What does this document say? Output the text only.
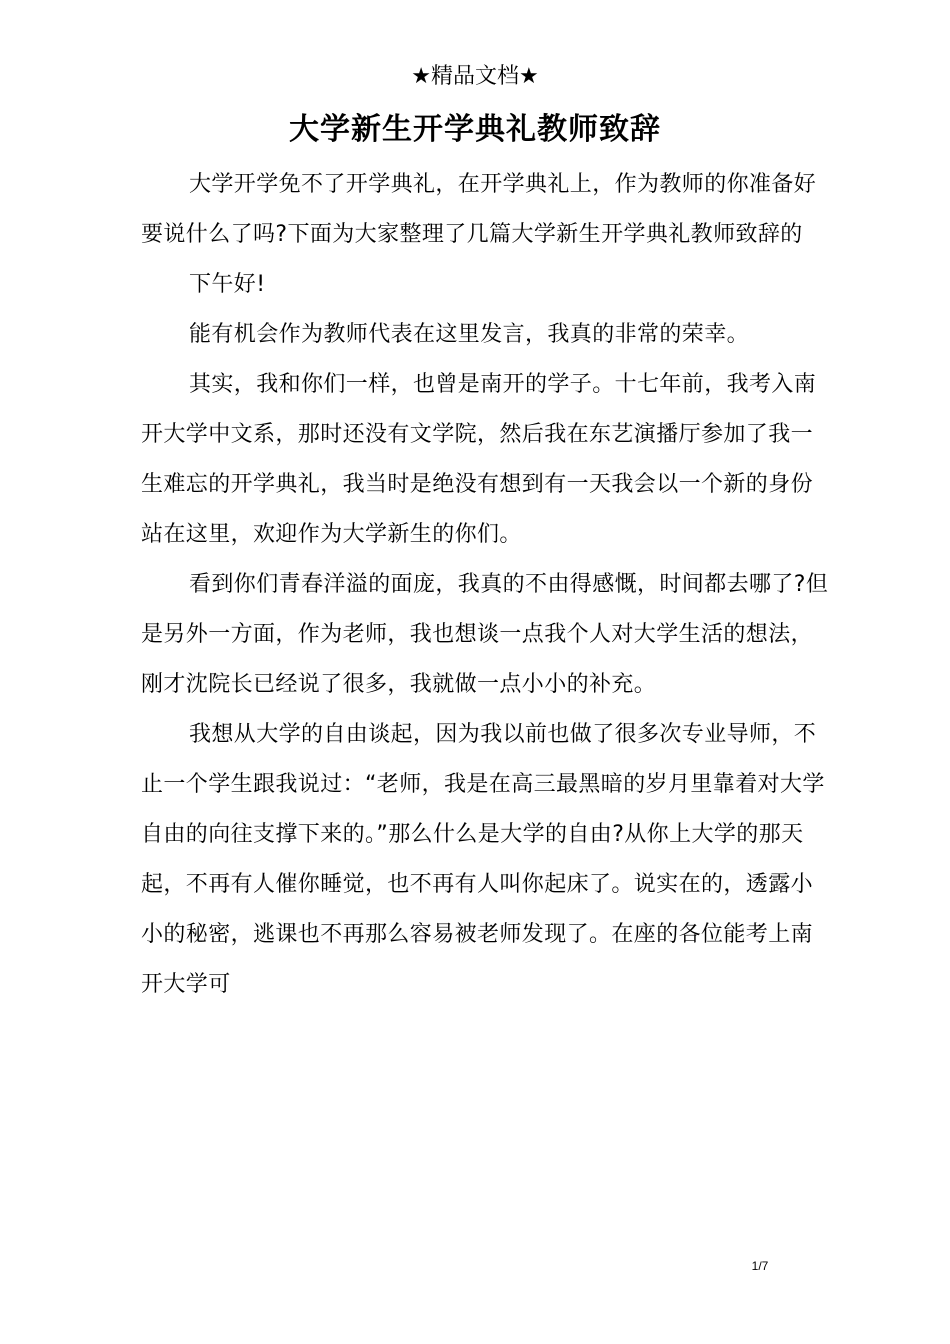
★精品文档★
大学新生开学典礼教师致辞

大学开学免不了开学典礼，在开学典礼上，作为教师的你准备好要说什么了吗?下面为大家整理了几篇大学新生开学典礼教师致辞的

下午好!

能有机会作为教师代表在这里发言，我真的非常的荣幸。

其实，我和你们一样，也曾是南开的学子。十七年前，我考入南开大学中文系，那时还没有文学院，然后我在东艺演播厅参加了我一生难忘的开学典礼，我当时是绝没有想到有一天我会以一个新的身份站在这里，欢迎作为大学新生的你们。

看到你们青春洋溢的面庞，我真的不由得感慨，时间都去哪了?但是另外一方面，作为老师，我也想谈一点我个人对大学生活的想法，刚才沈院长已经说了很多，我就做一点小小的补充。

我想从大学的自由谈起，因为我以前也做了很多次专业导师，不止一个学生跟我说过：“老师，我是在高三最黑暗的岁月里靠着对大学自由的向往支撑下来的。”那么什么是大学的自由?从你上大学的那天起，不再有人催你睡觉，也不再有人叫你起床了。说实在的，透露小小的秘密，逃课也不再那么容易被老师发现了。在座的各位能考上南开大学可

1/7
